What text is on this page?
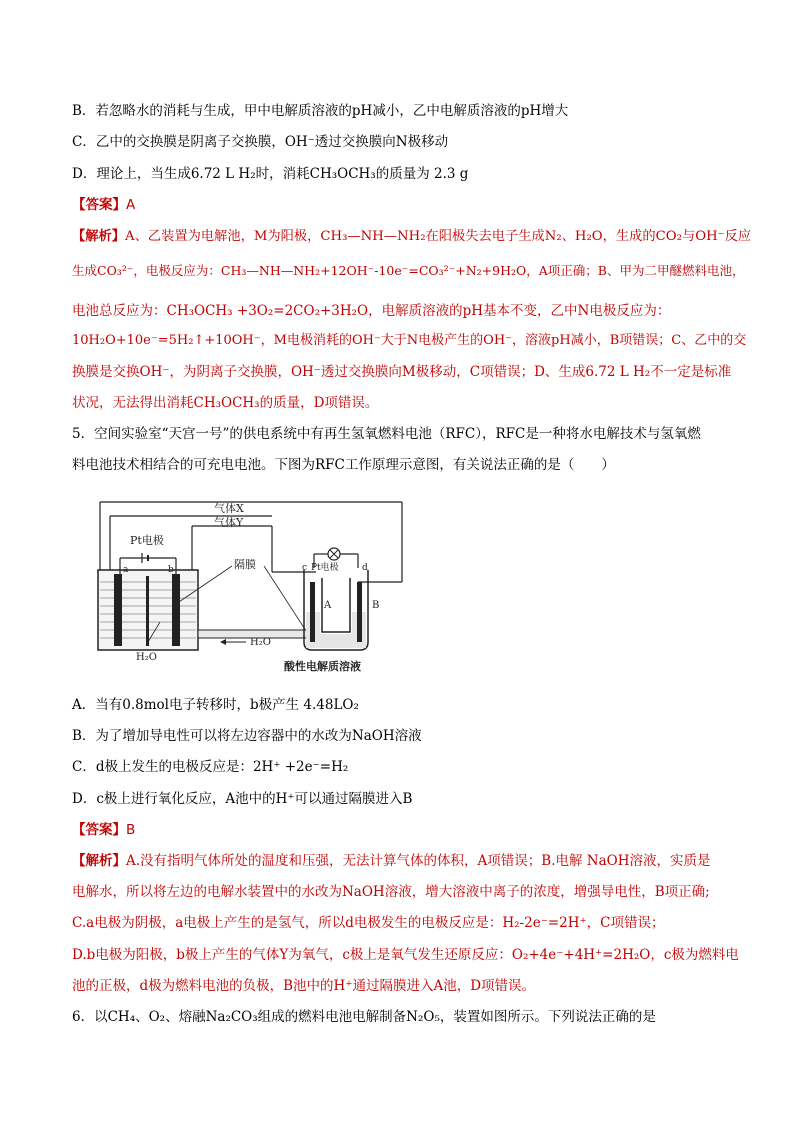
B．若忽略水的消耗与生成，甲中电解质溶液的pH减小，乙中电解质溶液的pH增大
C．乙中的交换膜是阴离子交换膜，OH⁻透过交换膜向N极移动
D．理论上，当生成6.72 L H₂时，消耗CH₃OCH₃的质量为 2.3 g
【答案】A
【解析】A、乙装置为电解池，M为阳极，CH₃—NH—NH₂在阳极失去电子生成N₂、H₂O，生成的CO₂与OH⁻反应
生成CO₃²⁻，电极反应为：CH₃—NH—NH₂+12OH⁻-10e⁻=CO₃²⁻+N₂+9H₂O，A项正确；B、甲为二甲醚燃料电池，
电池总反应为：CH₃OCH₃ +3O₂=2CO₂+3H₂O，电解质溶液的pH基本不变，乙中N电极反应为：
10H₂O+10e⁻=5H₂↑+10OH⁻，M电极消耗的OH⁻大于N电极产生的OH⁻，溶液pH减小，B项错误；C、乙中的交
换膜是交换OH⁻，为阴离子交换膜，OH⁻透过交换膜向M极移动，C项错误；D、生成6.72 L H₂不一定是标准
状况，无法得出消耗CH₃OCH₃的质量，D项错误。
5．空间实验室“天宫一号”的供电系统中有再生氢氧燃料电池（RFC），RFC是一种将水电解技术与氢氧燃
料电池技术相结合的可充电电池。下图为RFC工作原理示意图，有关说法正确的是（　　）
气体X
气体Y
Pt电极
a	b
H₂O
隔膜
H₂O
Pt电极
c	d
A	B
酸性电解质溶液
A．当有0.8mol电子转移时，b极产生 4.48LO₂
B．为了增加导电性可以将左边容器中的水改为NaOH溶液
C．d极上发生的电极反应是：2H⁺ +2e⁻=H₂
D．c极上进行氧化反应，A池中的H⁺可以通过隔膜进入B
【答案】B
【解析】A.没有指明气体所处的温度和压强，无法计算气体的体积，A项错误；B.电解 NaOH溶液，实质是
电解水，所以将左边的电解水装置中的水改为NaOH溶液，增大溶液中离子的浓度，增强导电性，B项正确;
C.a电极为阴极，a电极上产生的是氢气，所以d电极发生的电极反应是：H₂-2e⁻=2H⁺，C项错误；
D.b电极为阳极，b极上产生的气体Y为氧气，c极上是氧气发生还原反应：O₂+4e⁻+4H⁺=2H₂O，c极为燃料电
池的正极，d极为燃料电池的负极，B池中的H⁺通过隔膜进入A池，D项错误。
6．以CH₄、O₂、熔融Na₂CO₃组成的燃料电池电解制备N₂O₅，装置如图所示。下列说法正确的是
